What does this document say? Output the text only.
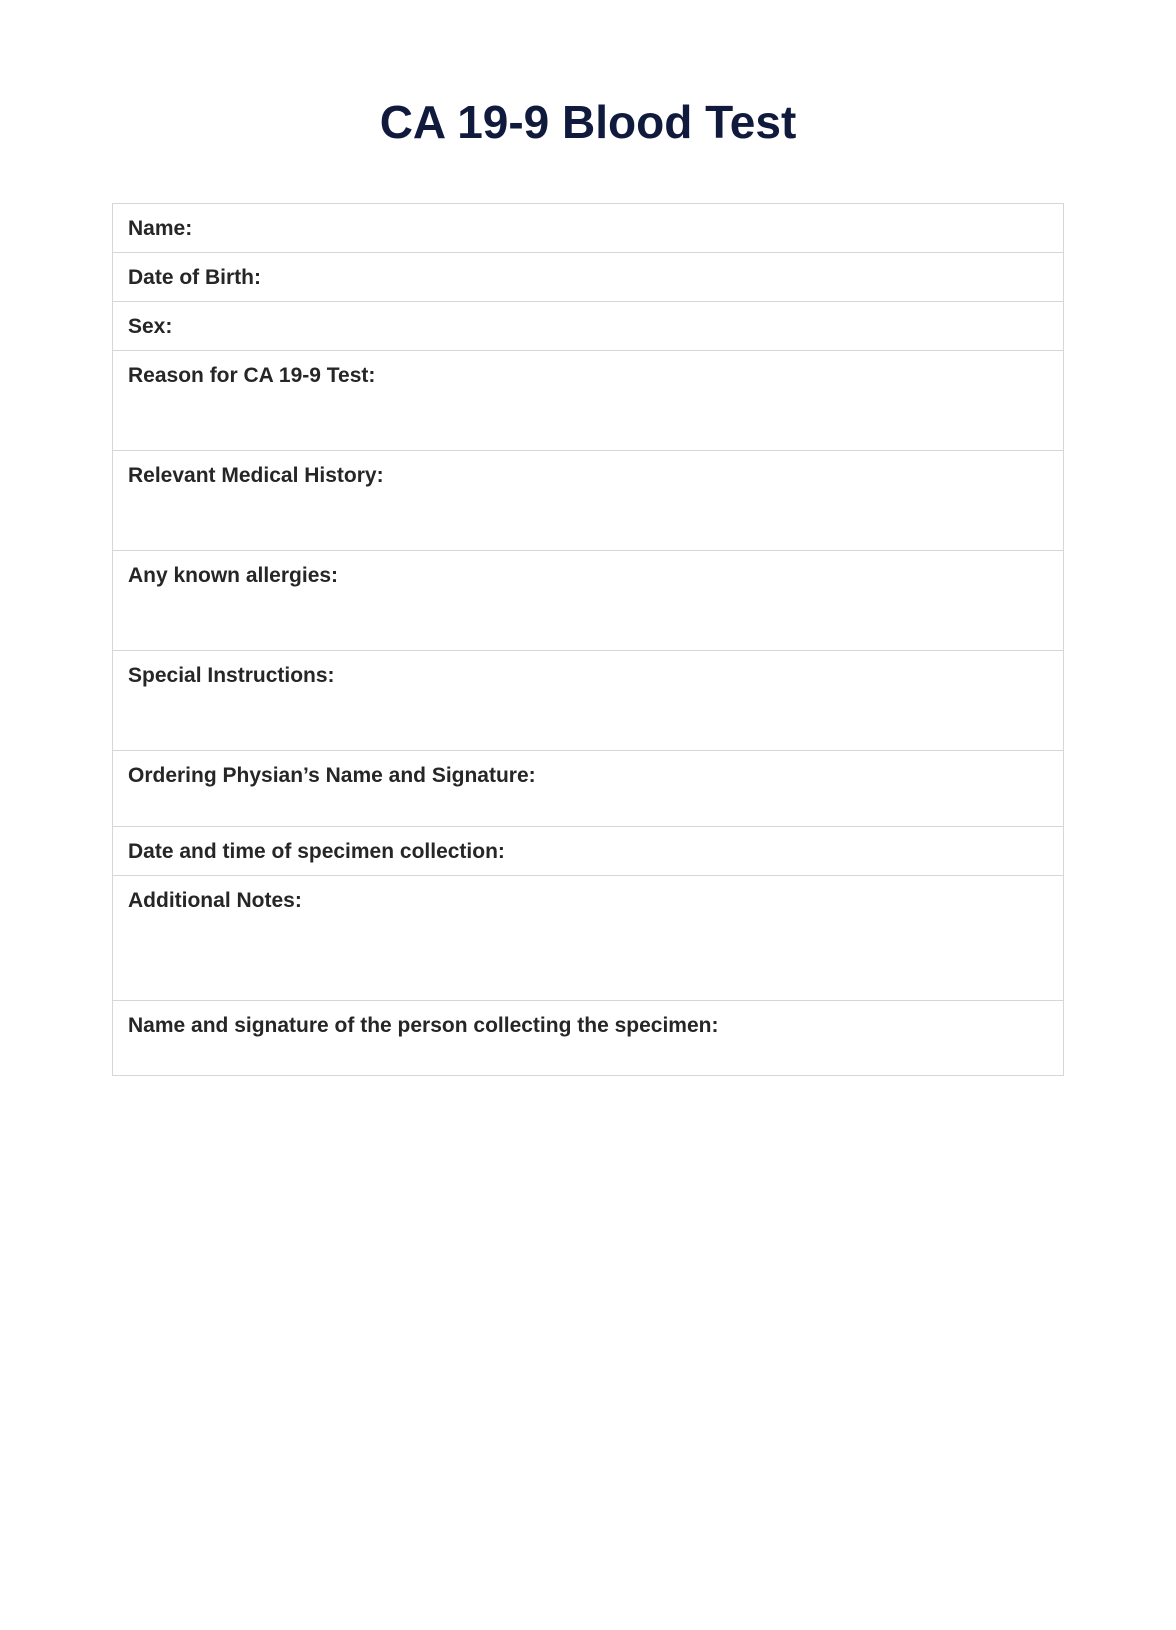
CA 19-9 Blood Test
Name:
Date of Birth:
Sex:
Reason for CA 19-9 Test:
Relevant Medical History:
Any known allergies:
Special Instructions:
Ordering Physian’s Name and Signature:
Date and time of specimen collection:
Additional Notes:
Name and signature of the person collecting the specimen:
